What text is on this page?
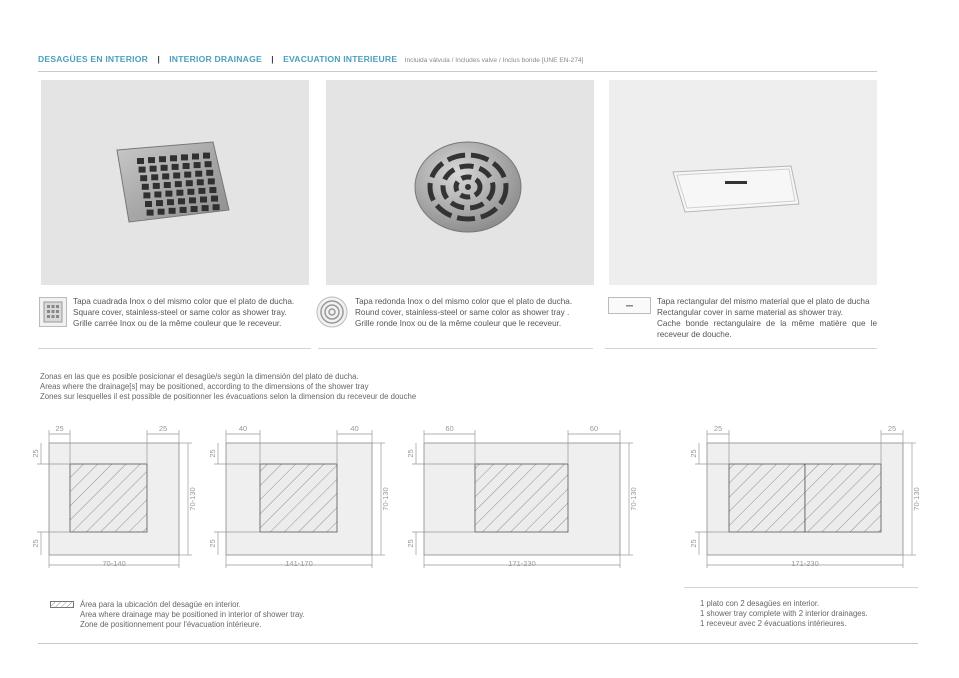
DESAGÜES EN INTERIOR | INTERIOR DRAINAGE | EVACUATION INTERIEURE Incluida válvula / Includes valve / Inclus bonde [UNE EN-274]
Tapa cuadrada Inox o del mismo color que el plato de ducha.
Square cover, stainless-steel or same color as shower tray.
Grille carrée Inox ou de la même couleur que le receveur.
Tapa redonda Inox o del mismo color que el plato de ducha.
Round cover, stainless-steel or same color as shower tray .
Grille ronde Inox ou de la même couleur que le receveur.
Tapa rectangular del mismo material que el plato de ducha
Rectangular cover in same material as shower tray.
Cache bonde rectangulaire de la même matière que le receveur de douche.
Zonas en las que es posible posicionar el desagüe/s según la dimensión del plato de ducha.
Areas where the drainage[s] may be positioned, according to the dimensions of the shower tray
Zones sur lesquelles il est possible de positionner les évacuations selon la dimension du receveur de douche
25	25
25
25
70-130
70-140
40	40
25
25
70-130
141-170
60	60
25
25
70-130
171-230
25	25
25
25
70-130
171-230
Área para la ubicación del desagüe en interior.
Area where drainage may be positioned in interior of shower tray.
Zone de positionnement pour l'évacuation intérieure.
1 plato con 2 desagües en interior.
1 shower tray complete with 2 interior drainages.
1 receveur avec 2 évacuations intérieures.
